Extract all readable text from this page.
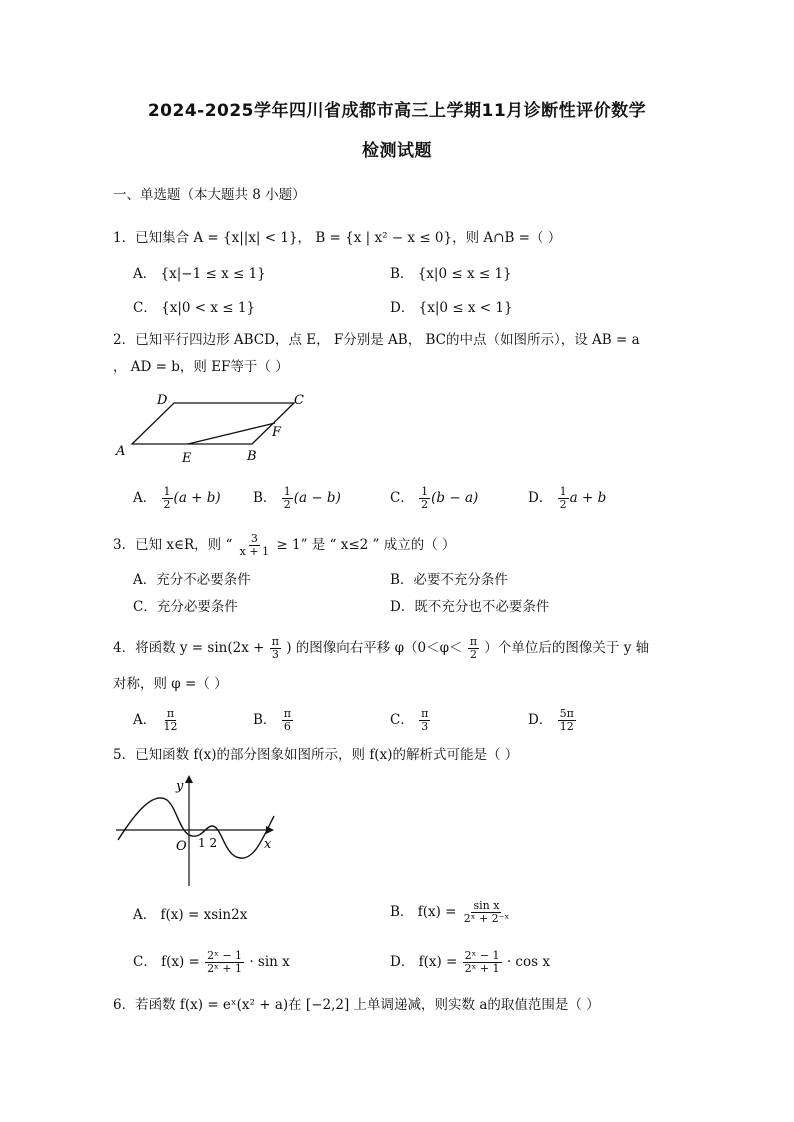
2024-2025学年四川省成都市高三上学期11月诊断性评价数学
检测试题
一、单选题（本大题共 8 小题）
1．已知集合 A = {x||x| < 1}， B = {x | x² − x ≤ 0}，则 A∩B =（ ）
A． {x|−1 ≤ x ≤ 1}	B． {x|0 ≤ x ≤ 1}
C． {x|0 < x ≤ 1}	D． {x|0 ≤ x < 1}
2．已知平行四边形 ABCD，点 E， F分别是 AB， BC的中点（如图所示），设 AB = a
， AD = b，则 EF等于（ ）
D	C
A	E	B
F
A． $\frac{1}{2} (a + b)$ B． $\frac{1}{2} (a - b)$	C． $\frac{1}{2} (b - a)$	D． $\frac{1}{2}$ a + b
3．已知 x∈R，则 “ $\frac{3}{x + 1} \ge 1$” 是 “ x≤2 ” 成立的（ ）
A．充分不必要条件	B．必要不充分条件
C．充分必要条件	D．既不充分也不必要条件
4．将函数 $y = \sin(2x + \frac{\pi}{3}$ ) 的图像向右平移 $\varphi(0<\varphi< \frac{\pi}{2}$ ）个单位后的图像关于 y 轴
对称，则 φ =（ ）
A． $\frac{\pi}{12}$	B． $\frac{\pi}{6}$	C． $\frac{\pi}{3}$	D． $\frac{5\pi}{12}$
5．已知函数 f(x)的部分图象如图所示，则 f(x)的解析式可能是（ ）
y
O 1 2	x
A． f(x) = xsin2x	B． $f(x) = \frac{\text{sin x}}{\text{2ˣ + 2⁻ˣ}}$
C． $f(x) = \frac{\text{2ˣ − 1}}{\text{2ˣ + 1}} \cdot \sin x$	D． $f(x) = \frac{\text{2ˣ − 1}}{\text{2ˣ + 1}} \cdot \cos x$
6．若函数 f(x) = eˣ(x² + a)在 [−2,2] 上单调递减，则实数 a的取值范围是（ ）
